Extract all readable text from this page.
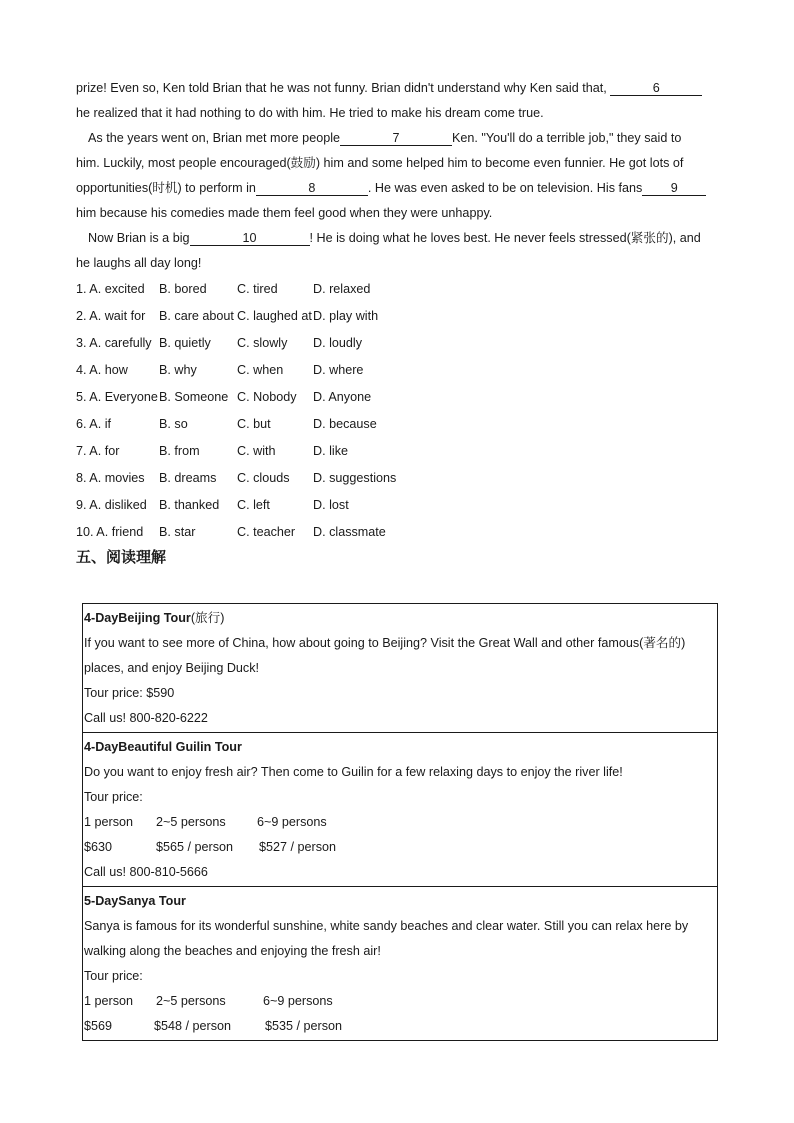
prize! Even so, Ken told Brian that he was not funny. Brian didn't understand why Ken said that,	6
he realized that it had nothing to do with him. He tried to make his dream come true.

As the years went on, Brian met more people	7	Ken. "You'll do a terrible job," they said to
him. Luckily, most people encouraged(鼓励) him and some helped him to become even funnier. He got lots of
opportunities(时机) to perform in	8	. He was even asked to be on television. His fans 9
him because his comedies made them feel good when they were unhappy.

Now Brian is a big	10	! He is doing what he loves best. He never feels stressed(紧张的), and
he laughs all day long!

1. A. excited B. bored C. tired	D. relaxed
2. A. wait for B. care about C. laughed at D. play with
3. A. carefully B. quietly C. slowly D. loudly
4. A. how B. why	C. when D. where
5. A. Everyone B. Someone C. Nobody D. Anyone
6. A. if	B. so	C. but	D. because
7. A. for	B. from	C. with	D. like
8. A. movies B. dreams C. clouds D. suggestions
9. A. disliked B. thanked C. left	D. lost
10. A. friend B. star	C. teacher D. classmate
五、阅读理解
4-DayBeijing Tour(旅行)
If you want to see more of China, how about going to Beijing? Visit the Great Wall and other famous(著名的)
places, and enjoy Beijing Duck!
Tour price: $590
Call us! 800-820-6222
4-DayBeautiful Guilin Tour
Do you want to enjoy fresh air? Then come to Guilin for a few relaxing days to enjoy the river life!
Tour price:
1 person 2~5 persons 6~9 persons
$630	$565 / person $527 / person
Call us! 800-810-5666
5-DaySanya Tour
Sanya is famous for its wonderful sunshine, white sandy beaches and clear water. Still you can relax here by
walking along the beaches and enjoying the fresh air!
Tour price:
1 person 2~5 persons	6~9 persons
$569	$548 / person	$535 / person
